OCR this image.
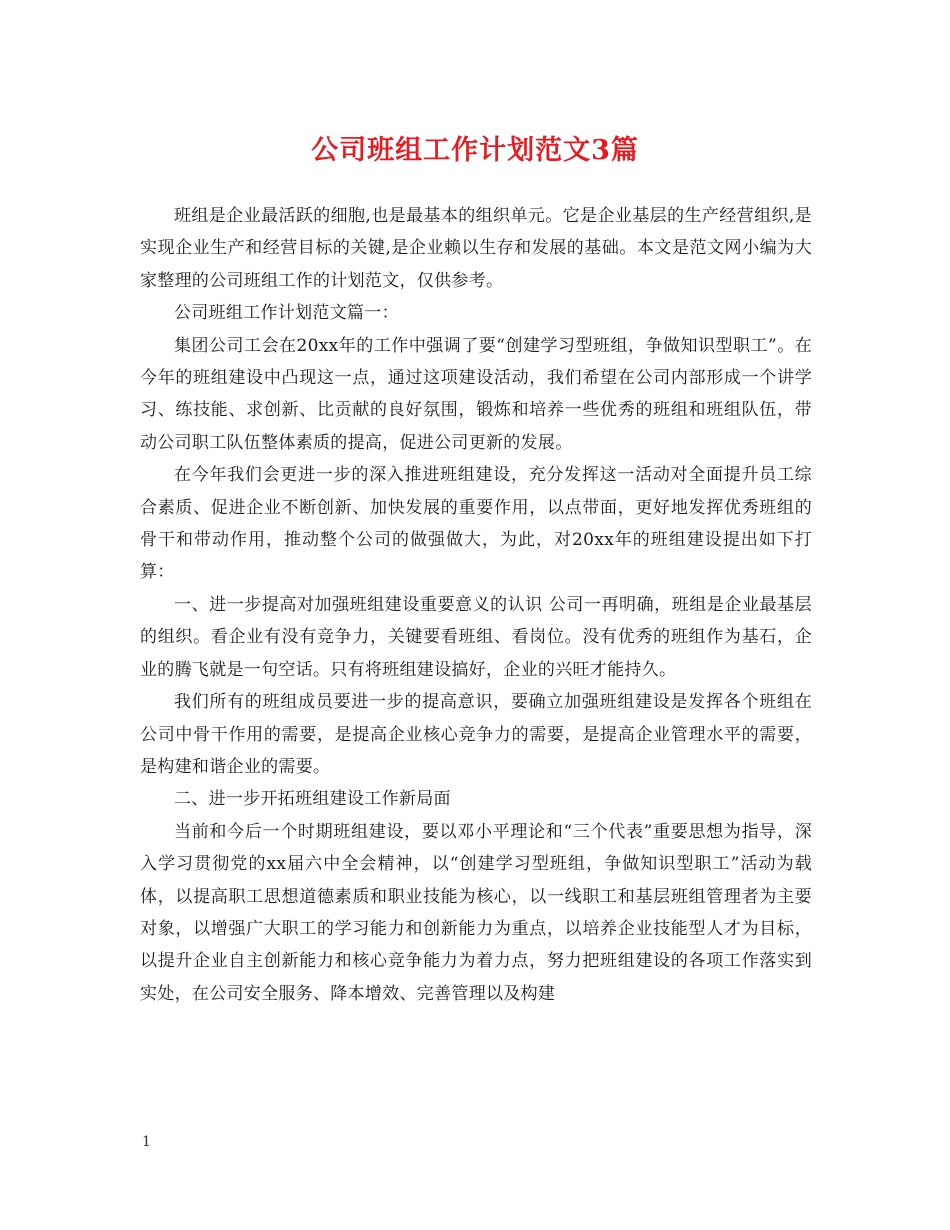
公司班组工作计划范文3篇

班组是企业最活跃的细胞,也是最基本的组织单元。它是企业基层的生产经营组织,是实现企业生产和经营目标的关键,是企业赖以生存和发展的基础。本文是范文网小编为大家整理的公司班组工作的计划范文，仅供参考。

公司班组工作计划范文篇一：

集团公司工会在20xx年的工作中强调了要“创建学习型班组，争做知识型职工”。在今年的班组建设中凸现这一点，通过这项建设活动，我们希望在公司内部形成一个讲学习、练技能、求创新、比贡献的良好氛围，锻炼和培养一些优秀的班组和班组队伍，带动公司职工队伍整体素质的提高，促进公司更新的发展。

在今年我们会更进一步的深入推进班组建设，充分发挥这一活动对全面提升员工综合素质、促进企业不断创新、加快发展的重要作用，以点带面，更好地发挥优秀班组的骨干和带动作用，推动整个公司的做强做大，为此，对20xx年的班组建设提出如下打算：

一、进一步提高对加强班组建设重要意义的认识 公司一再明确，班组是企业最基层的组织。看企业有没有竞争力，关键要看班组、看岗位。没有优秀的班组作为基石，企业的腾飞就是一句空话。只有将班组建设搞好，企业的兴旺才能持久。

我们所有的班组成员要进一步的提高意识，要确立加强班组建设是发挥各个班组在公司中骨干作用的需要，是提高企业核心竞争力的需要，是提高企业管理水平的需要，是构建和谐企业的需要。

二、进一步开拓班组建设工作新局面

当前和今后一个时期班组建设，要以邓小平理论和“三个代表”重要思想为指导，深入学习贯彻党的xx届六中全会精神，以“创建学习型班组，争做知识型职工”活动为载体，以提高职工思想道德素质和职业技能为核心，以一线职工和基层班组管理者为主要对象，以增强广大职工的学习能力和创新能力为重点，以培养企业技能型人才为目标，以提升企业自主创新能力和核心竞争能力为着力点，努力把班组建设的各项工作落实到实处，在公司安全服务、降本增效、完善管理以及构建

1
